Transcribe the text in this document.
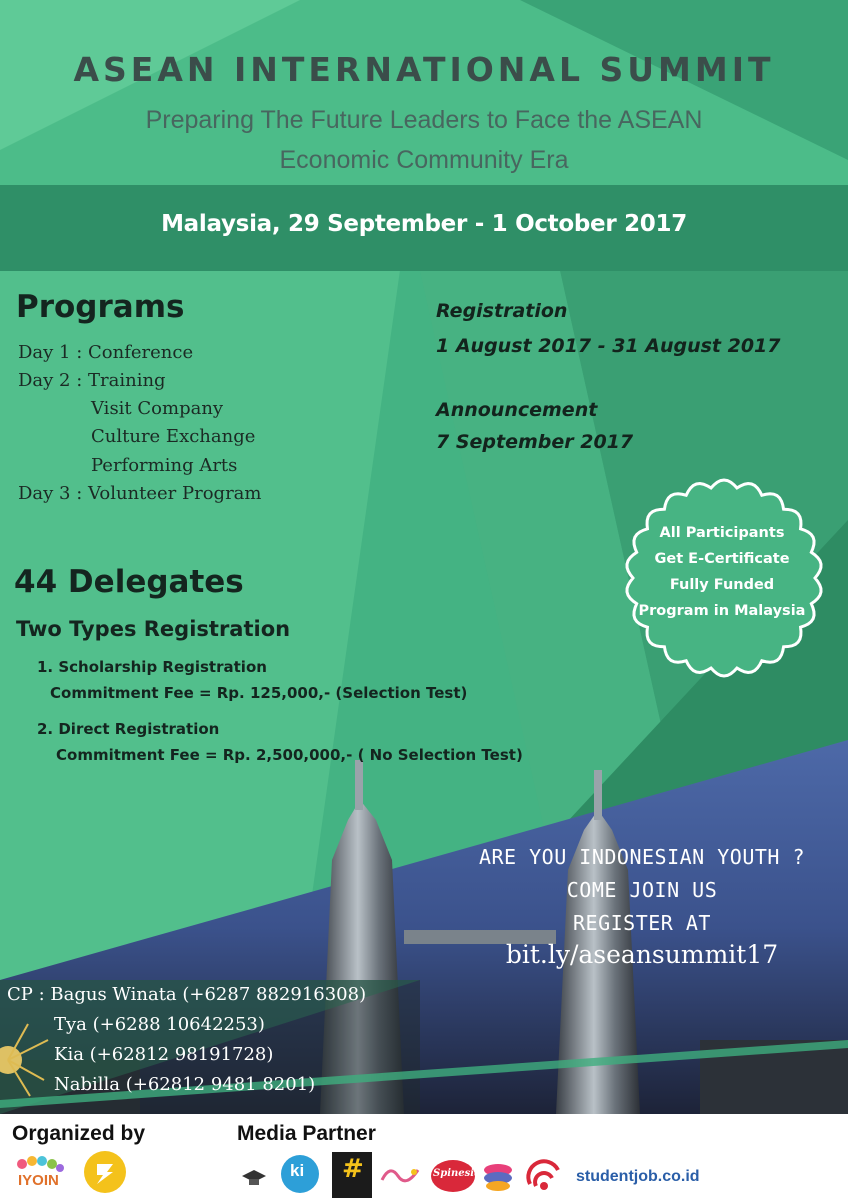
ASEAN INTERNATIONAL SUMMIT
Preparing The Future Leaders to Face the ASEAN
Economic Community Era
Malaysia, 29 September - 1 October 2017
Programs
Day 1 : Conference
Day 2 : Training
Visit Company
Culture Exchange
Performing Arts
Day 3 : Volunteer Program
Registration
1 August 2017 - 31 August 2017
Announcement
7 September 2017
All Participants
Get E-Certificate
Fully Funded
Program in Malaysia
44 Delegates
Two Types Registration
1. Scholarship Registration
Commitment Fee = Rp. 125,000,- (Selection Test)
2. Direct Registration
Commitment Fee = Rp. 2,500,000,- ( No Selection Test)
ARE YOU INDONESIAN YOUTH ?
COME JOIN US
REGISTER AT
bit.ly/aseansummit17
CP : Bagus Winata (+6287 882916308)
Tya (+6288 10642253)
Kia (+62812 98191728)
Nabilla (+62812 9481 8201)
Organized by	Media Partner
IYOIN
ki #	Spinesia	studentjob.co.id
